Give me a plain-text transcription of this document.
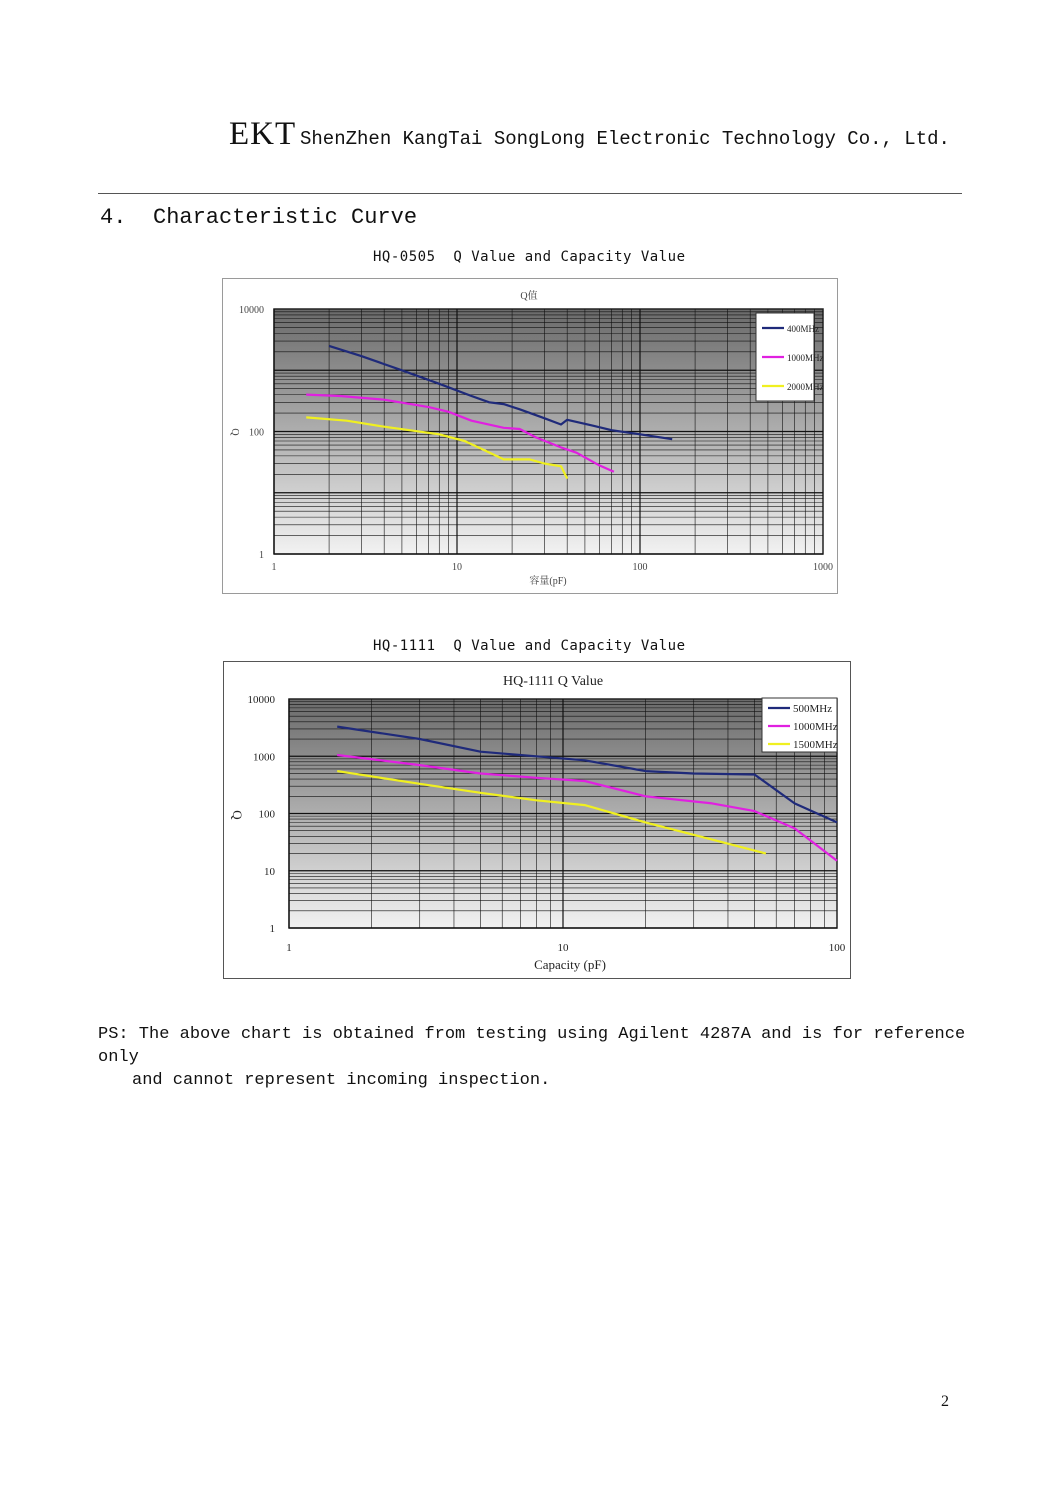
EKT ShenZhen KangTai SongLong Electronic Technology Co., Ltd.
4. Characteristic Curve
HQ-0505  Q Value and Capacity Value
1	10	100	1000
1
100
10000
Q值
容量(pF)
Q
400MHz
1000MHz
2000MHz
HQ-1111  Q Value and Capacity Value
1	10	100
1
10
100
1000
10000
HQ-1111 Q Value
Capacity (pF)
Q
500MHz
1000MHz
1500MHz
PS: The above chart is obtained from testing using Agilent 4287A and is for reference only
and cannot represent incoming inspection.
2
